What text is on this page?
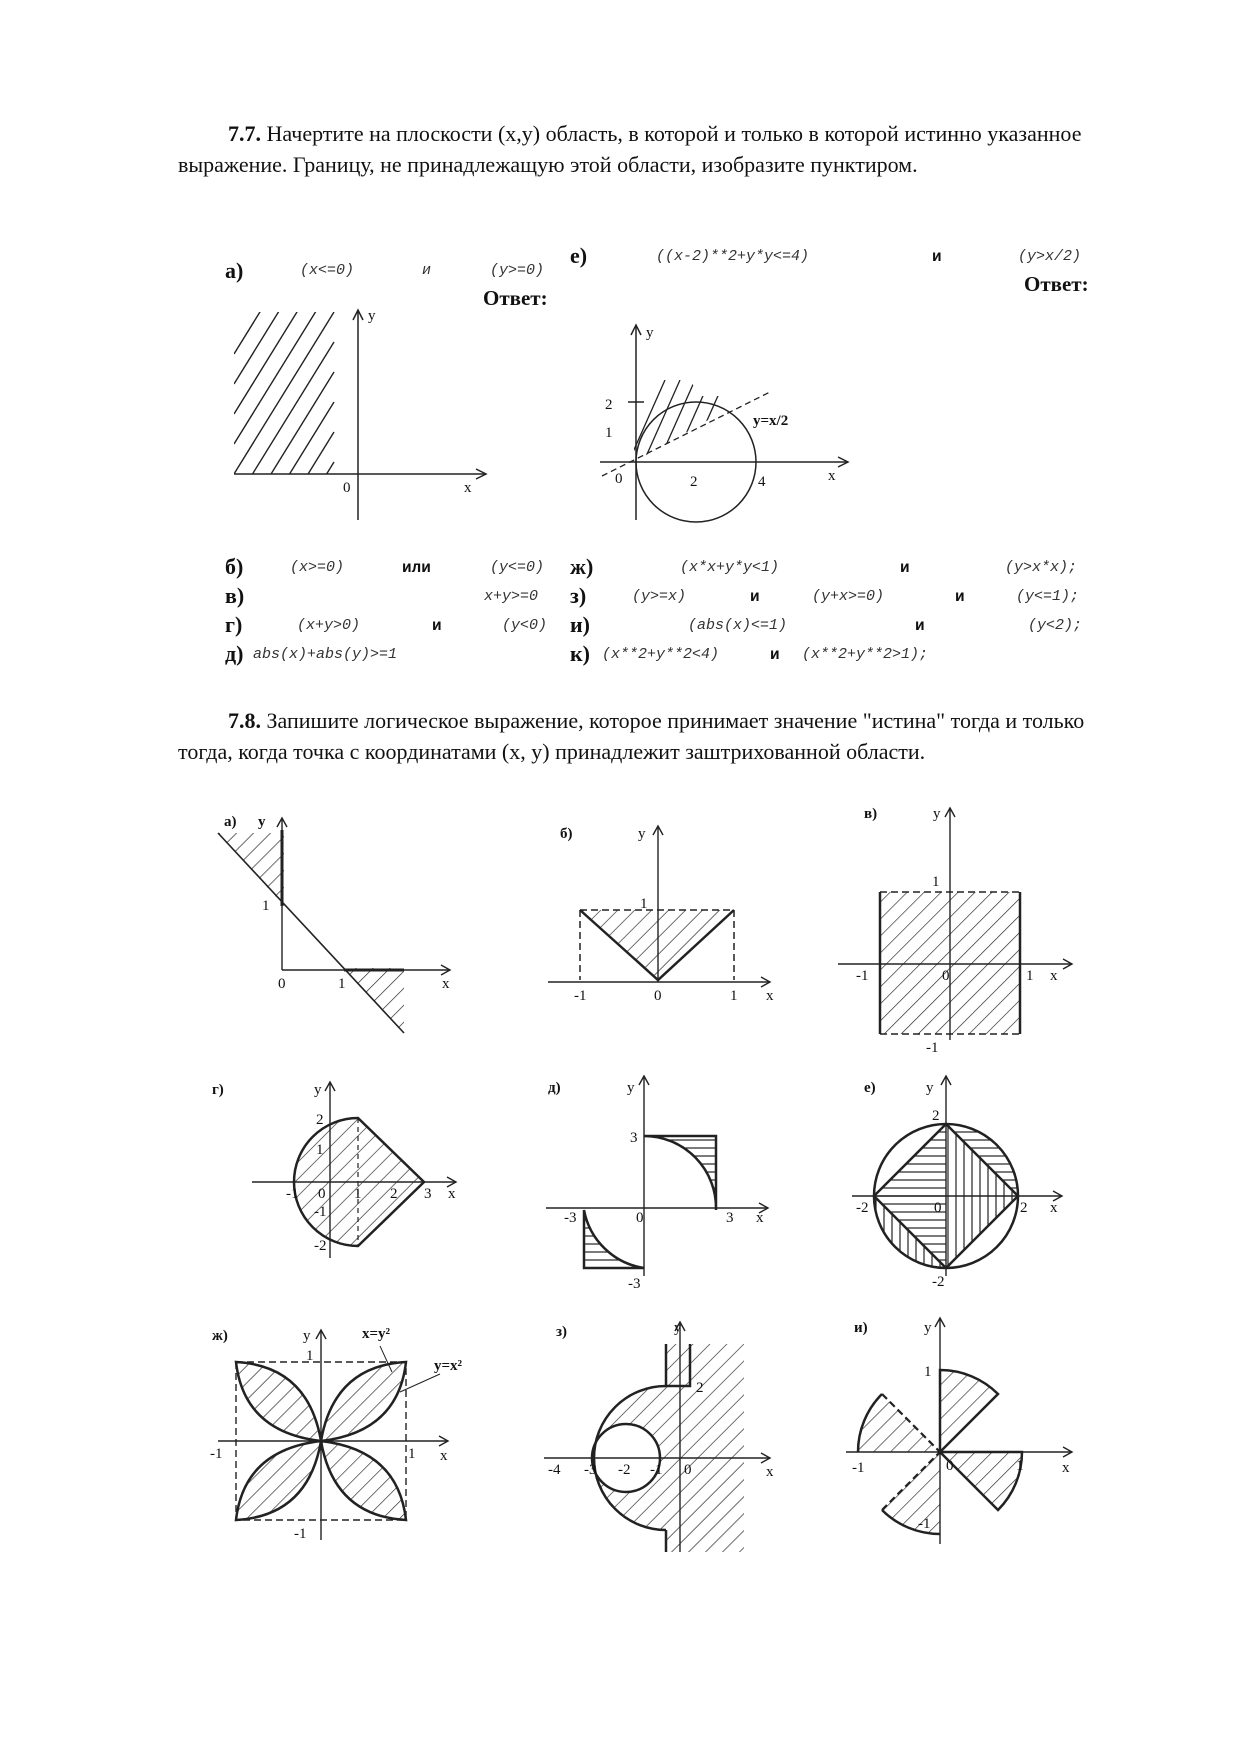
7.7. Начертите на плоскости (x,y) область, в которой и только в которой истинно указанное выражение. Границу, не принадлежащую этой области, изобразите пунктиром.
а)	(x<=0)	и	(y>=0)
Ответ:
е)	((x-2)**2+y*y<=4)	и	(y>x/2)
Ответ:
y
x
0
y
x
0	2	4
1
2
y=x/2
б)	(x>=0)	или	(y<=0)
в)	x+y>=0
г)	(x+y>0)	и	(y<0)
д) abs(x)+abs(y)>=1
ж)	(x*x+y*y<1)	и	(y>x*x);
з)	(y>=x)	и	(y+x>=0)	и	(y<=1);
и)	(abs(x)<=1)	и	(y<2);
к) (x**2+y**2<4)	и (x**2+y**2>1);
7.8. Запишите логическое выражение, которое принимает значение "истина" тогда и только тогда, когда точка с координатами (x, y) принадлежит заштрихованной области.
а) y
1
0	1	x
б)	y
1
-1	0	1 x
в)	y
1
-1	0	1 x
-1
г)	y
2
1
-1 0 1 2 3 x
-1
-2
д)	y
3
-3	0	3 x
-3
е)	y
2
-2	0	2 x
-2
ж)	y
1
x=y²
y=x²
-1	1 x
-1
з)	y
2
-4 -3 -2 -1 0	x
и)	y
1
-1	0	1	x
-1
